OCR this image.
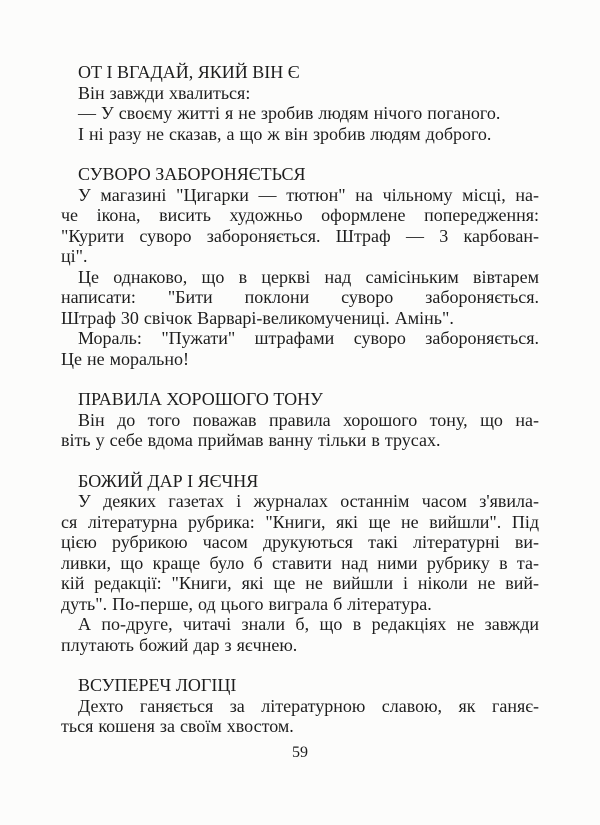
ОТ І ВГАДАЙ, ЯКИЙ ВІН Є
Він завжди хвалиться:
— У своєму житті я не зробив людям нічого поганого.
І ні разу не сказав, а що ж він зробив людям доброго.
СУВОРО ЗАБОРОНЯЄТЬСЯ
У магазині "Цигарки — тютюн" на чільному місці, на-
че ікона, висить художньо оформлене попередження:
"Курити суворо забороняється. Штраф — 3 карбован-
ці".
Це однаково, що в церкві над самісіньким вівтарем
написати: "Бити поклони суворо забороняється.
Штраф 30 свічок Варварі-великомучениці. Амінь".
Мораль: "Пужати" штрафами суворо забороняється.
Це не морально!
ПРАВИЛА ХОРОШОГО ТОНУ
Він до того поважав правила хорошого тону, що на-
віть у себе вдома приймав ванну тільки в трусах.
БОЖИЙ ДАР І ЯЄЧНЯ
У деяких газетах і журналах останнім часом з'явила-
ся літературна рубрика: "Книги, які ще не вийшли". Під
цією рубрикою часом друкуються такі літературні ви-
ливки, що краще було б ставити над ними рубрику в та-
кій редакції: "Книги, які ще не вийшли і ніколи не вий-
дуть". По-перше, од цього виграла б література.
А по-друге, читачі знали б, що в редакціях не завжди
плутають божий дар з яєчнею.
ВСУПЕРЕЧ ЛОГІЦІ
Дехто ганяється за літературною славою, як ганяє-
ться кошеня за своїм хвостом.
59
